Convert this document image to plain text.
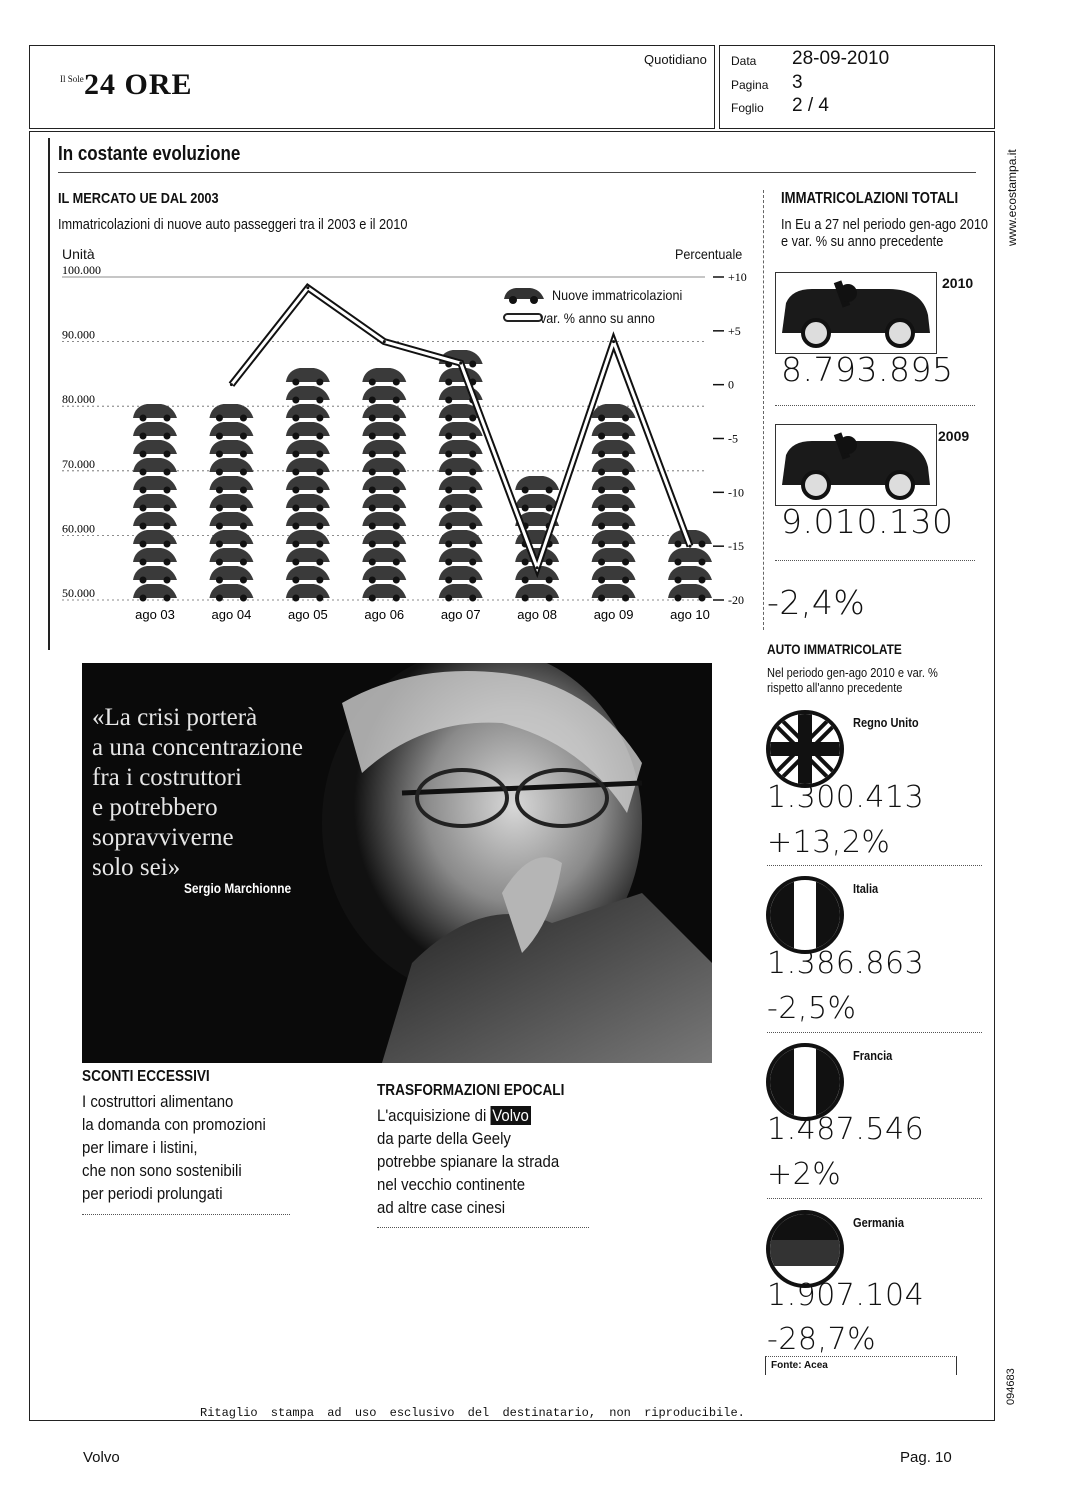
Il Sole 24 ORE
Quotidiano Data 28-09-2010
Pagina 3
Foglio 2 / 4
www.ecostampa.it
094683
In costante evoluzione
IL MERCATO UE DAL 2003
Immatricolazioni di nuove auto passeggeri tra il 2003 e il 2010
Unità	Percentuale
100.000
90.000
80.000
70.000
60.000
50.000
+10
+5
0
-5
-10
-15
-20
ago 03	ago 04	ago 05	ago 06	ago 07	ago 08	ago 09	ago 10
Nuove immatricolazioni
var. % anno su anno
IMMATRICOLAZIONI TOTALI
In Eu a 27 nel periodo gen-ago 2010 e var. % su anno precedente
2010
8.793.895
2009
9.010.130
-2,4%
AUTO IMMATRICOLATE
Nel periodo gen-ago 2010 e var. % rispetto all'anno precedente
Regno Unito
1.300.413
+13,2%
Italia
1.386.863
-2,5%
Francia
1.487.546
+2%
Germania
1.907.104
-28,7%
Fonte: Acea
«La crisi porterà
a una concentrazione
fra i costruttori
e potrebbero
sopravviverne
solo sei»
Sergio Marchionne
SCONTI ECCESSIVI
I costruttori alimentano
la domanda con promozioni
per limare i listini,
che non sono sostenibili
per periodi prolungati
TRASFORMAZIONI EPOCALI
L'acquisizione di Volvo
da parte della Geely
potrebbe spianare la strada
nel vecchio continente
ad altre case cinesi
Ritaglio stampa ad uso esclusivo del destinatario, non riproducibile.
Volvo	Pag. 10
